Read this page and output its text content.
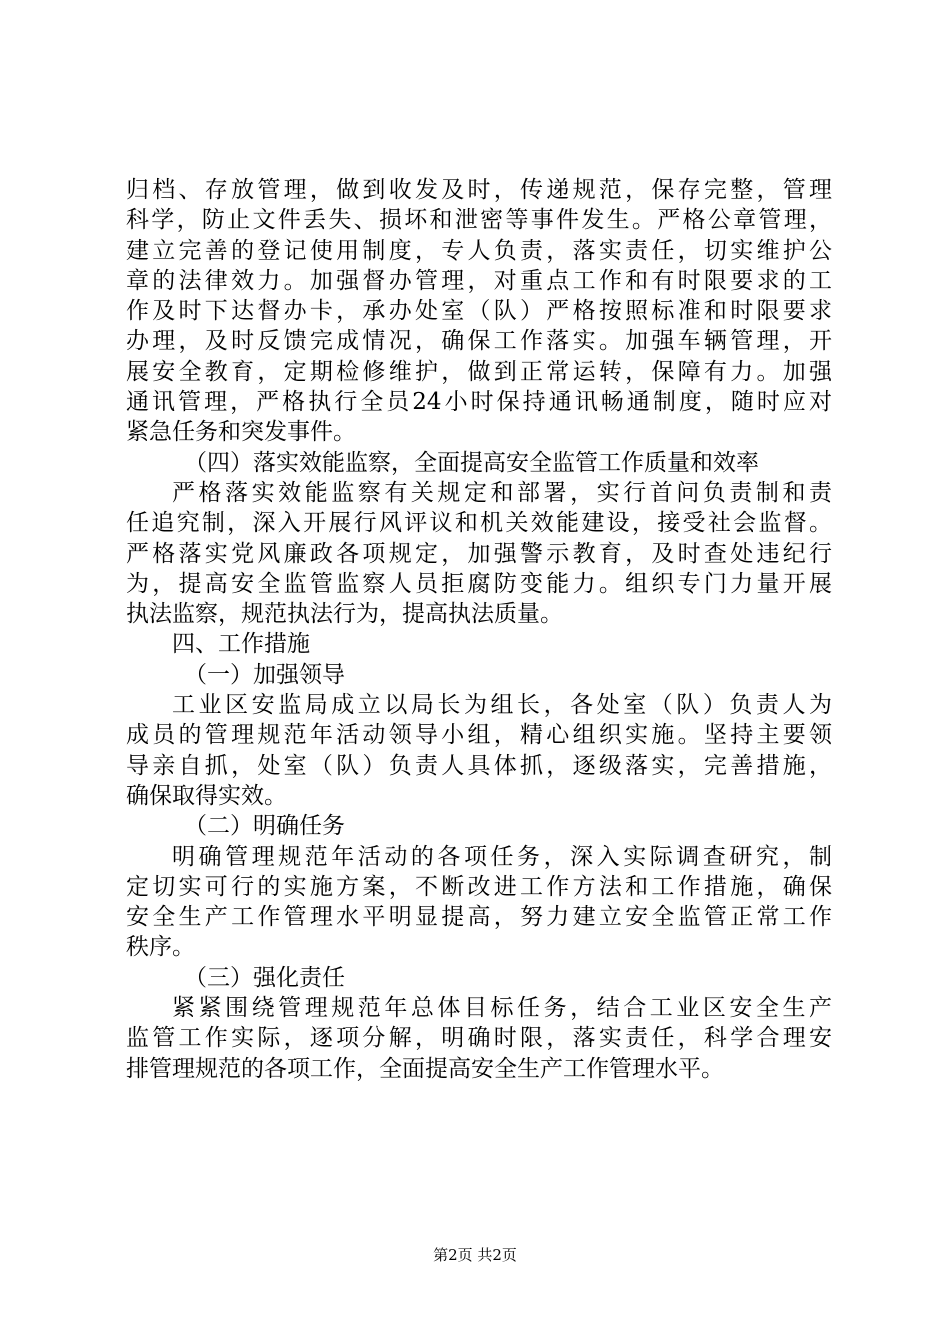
归档、存放管理，做到收发及时，传递规范，保存完整，管理
科学，防止文件丢失、损坏和泄密等事件发生。严格公章管理，
建立完善的登记使用制度，专人负责，落实责任，切实维护公
章的法律效力。加强督办管理，对重点工作和有时限要求的工
作及时下达督办卡，承办处室（队）严格按照标准和时限要求
办理，及时反馈完成情况，确保工作落实。加强车辆管理，开
展安全教育，定期检修维护，做到正常运转，保障有力。加强
通讯管理，严格执行全员24小时保持通讯畅通制度，随时应对
紧急任务和突发事件。
（四）落实效能监察，全面提高安全监管工作质量和效率
严格落实效能监察有关规定和部署，实行首问负责制和责
任追究制，深入开展行风评议和机关效能建设，接受社会监督。
严格落实党风廉政各项规定，加强警示教育，及时查处违纪行
为，提高安全监管监察人员拒腐防变能力。组织专门力量开展
执法监察，规范执法行为，提高执法质量。
四、工作措施
（一）加强领导
工业区安监局成立以局长为组长，各处室（队）负责人为
成员的管理规范年活动领导小组，精心组织实施。坚持主要领
导亲自抓，处室（队）负责人具体抓，逐级落实，完善措施，
确保取得实效。
（二）明确任务
明确管理规范年活动的各项任务，深入实际调查研究，制
定切实可行的实施方案，不断改进工作方法和工作措施，确保
安全生产工作管理水平明显提高，努力建立安全监管正常工作
秩序。
（三）强化责任
紧紧围绕管理规范年总体目标任务，结合工业区安全生产
监管工作实际，逐项分解，明确时限，落实责任，科学合理安
排管理规范的各项工作，全面提高安全生产工作管理水平。
第2页 共2页
